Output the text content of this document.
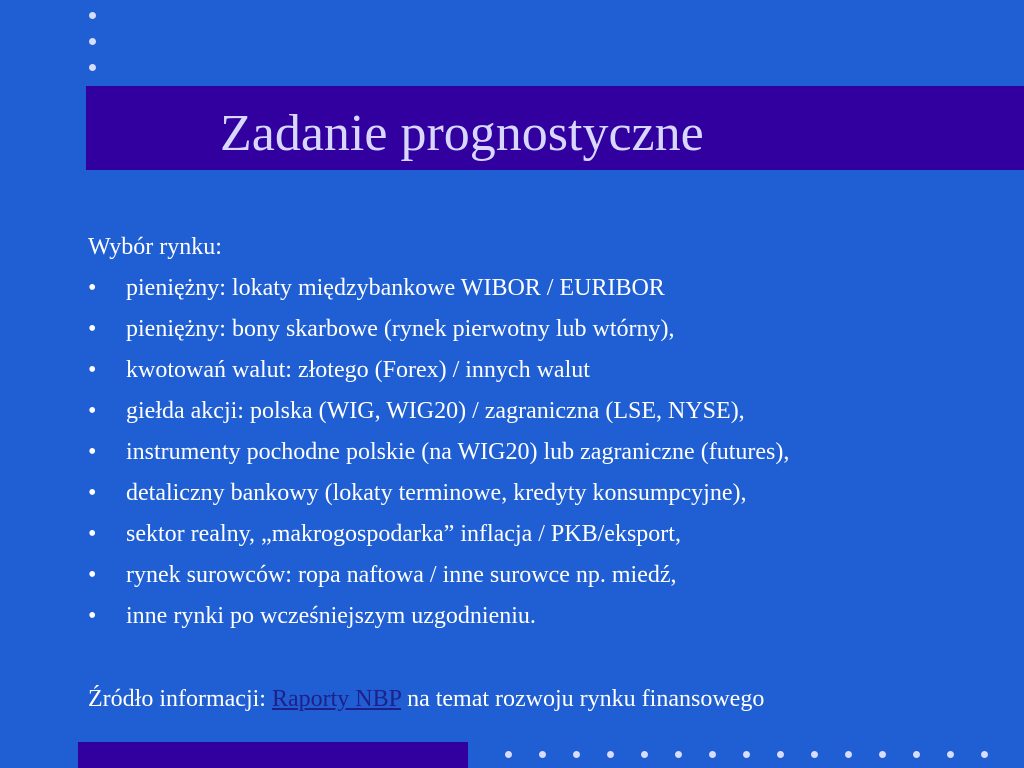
Zadanie prognostyczne

Wybór rynku:

• pieniężny: lokaty międzybankowe WIBOR / EURIBOR
• pieniężny: bony skarbowe (rynek pierwotny lub wtórny),
• kwotowań walut: złotego (Forex) / innych walut
• giełda akcji: polska (WIG, WIG20) / zagraniczna (LSE, NYSE),
• instrumenty pochodne polskie (na WIG20) lub zagraniczne (futures),
• detaliczny bankowy (lokaty terminowe, kredyty konsumpcyjne),
• sektor realny, „makrogospodarka” inflacja / PKB/eksport,
• rynek surowców: ropa naftowa / inne surowce np. miedź,
• inne rynki po wcześniejszym uzgodnieniu.

Źródło informacji: Raporty NBP na temat rozwoju rynku finansowego
